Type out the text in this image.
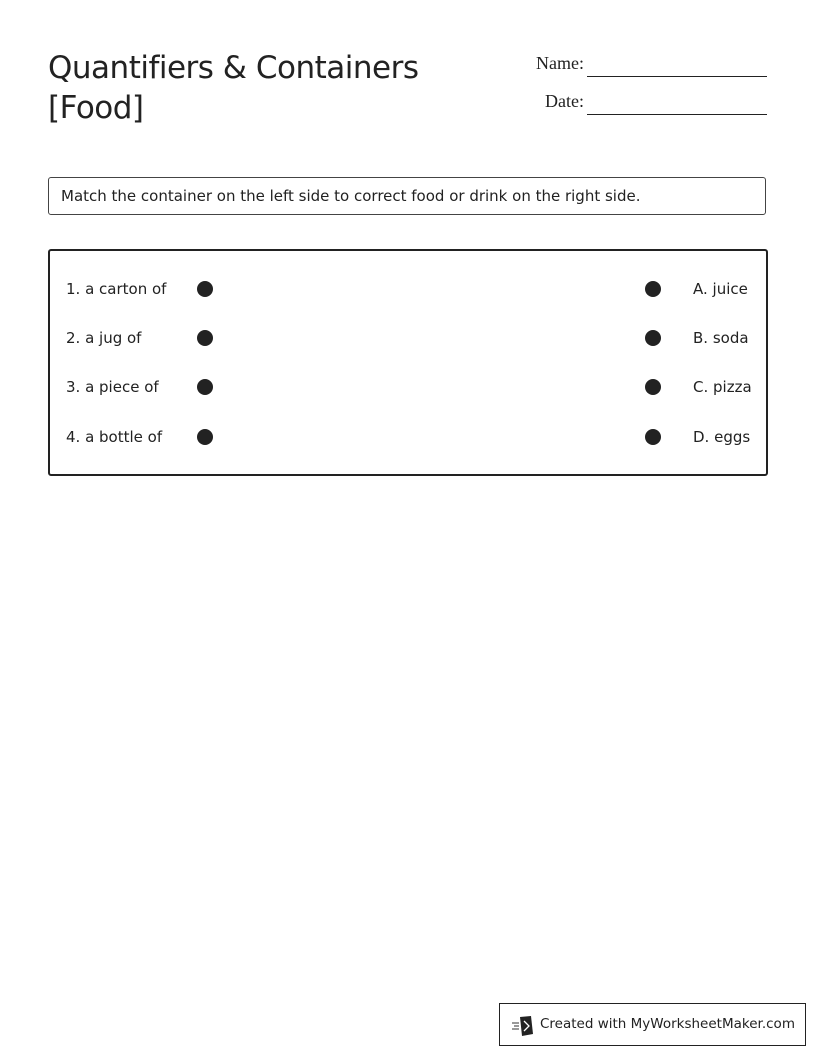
Quantifiers & Containers
[Food]
Name:
Date:
Match the container on the left side to correct food or drink on the right side.
1. a carton of	A. juice
2. a jug of	B. soda
3. a piece of	C. pizza
4. a bottle of	D. eggs
Created with MyWorksheetMaker.com
